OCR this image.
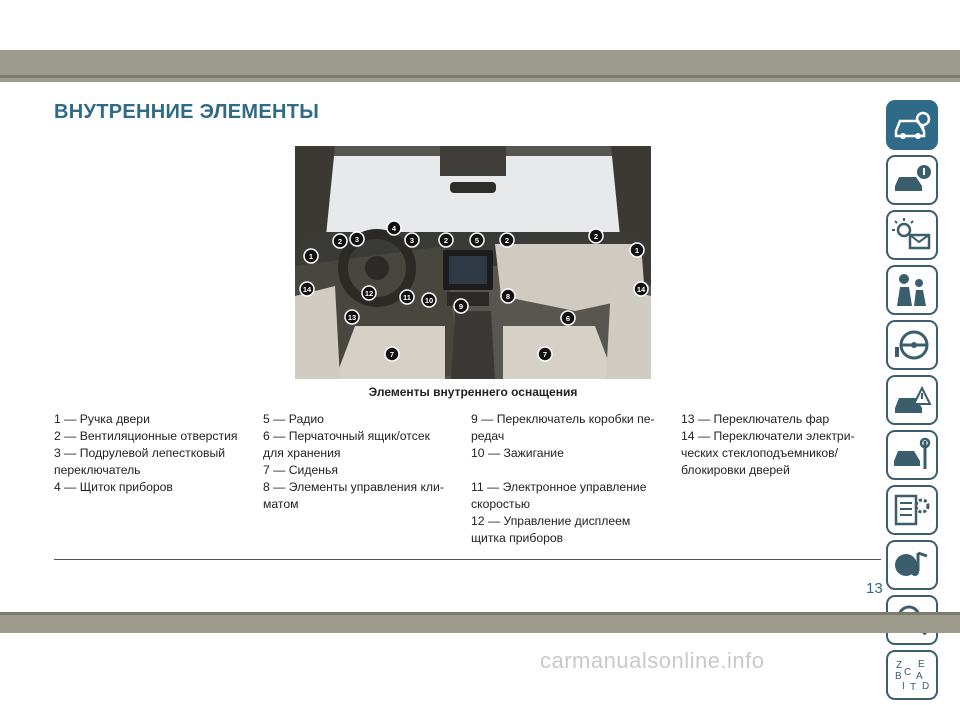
ВНУТРЕННИЕ ЭЛЕМЕНТЫ
2 3
4
3	2	5	2	2
1
1
14	12	11 10
9
8
6
14
13
7	7
Элементы внутреннего оснащения
1 — Ручка двери
2 — Вентиляционные отверстия
3 — Подрулевой лепестковый
переключатель
4 — Щиток приборов
5 — Радио
6 — Перчаточный ящик/отсек
для хранения
7 — Сиденья
8 — Элементы управления кли-
матом
9 — Переключатель коробки пе-
редач
10 — Зажигание
11 — Электронное управление
скоростью
12 — Управление дисплеем
щитка приборов
13 — Переключатель фар
14 — Переключатели электри-
ческих стеклоподъемников/
блокировки дверей
13
Z E
B A
C
I T D
carmanualsonline.info
